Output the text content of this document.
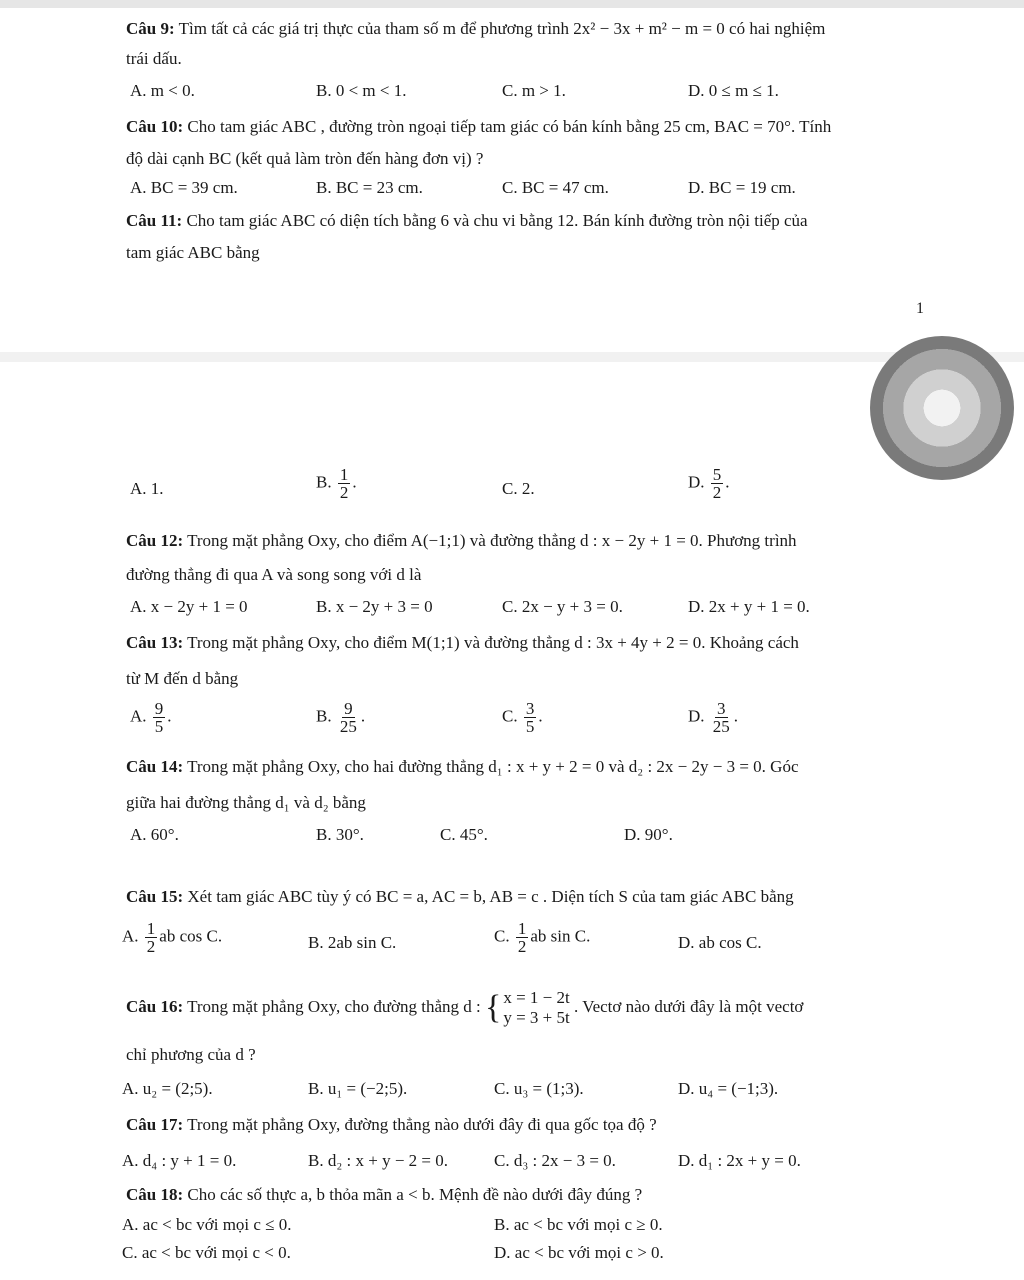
Câu 9: Tìm tất cả các giá trị thực của tham số m để phương trình 2x² − 3x + m² − m = 0 có hai nghiệm
trái dấu.
A. m < 0.	B. 0 < m < 1.	C. m > 1.	D. 0 ≤ m ≤ 1.
Câu 10: Cho tam giác ABC , đường tròn ngoại tiếp tam giác có bán kính bằng 25 cm, BAC = 70°. Tính
độ dài cạnh BC (kết quả làm tròn đến hàng đơn vị) ?
A. BC = 39 cm.	B. BC = 23 cm.	C. BC = 47 cm.	D. BC = 19 cm.
Câu 11: Cho tam giác ABC có diện tích bằng 6 và chu vi bằng 12. Bán kính đường tròn nội tiếp của
tam giác ABC bằng
1
A. 1.	B. $\frac{1}{2}$ .	C. 2.	D. $\frac{5}{2}$ .
Câu 12: Trong mặt phẳng Oxy, cho điểm A(−1;1) và đường thẳng d : x − 2y + 1 = 0. Phương trình
đường thẳng đi qua A và song song với d là
A. x − 2y + 1 = 0	B. x − 2y + 3 = 0	C. 2x − y + 3 = 0.	D. 2x + y + 1 = 0.
Câu 13: Trong mặt phẳng Oxy, cho điểm M(1;1) và đường thẳng d : 3x + 4y + 2 = 0. Khoảng cách
từ M đến d bằng
A. $\frac{9}{5}$ .	B. $\frac{9}{25}$ .	C. $\frac{3}{5}$ .	D. $\frac{3}{25}$ .
Câu 14: Trong mặt phẳng Oxy, cho hai đường thẳng d₁ : x + y + 2 = 0 và d₂ : 2x − 2y − 3 = 0. Góc
giữa hai đường thẳng d₁ và d₂ bằng
A. 60°.	B. 30°.	C. 45°.	D. 90°.
Câu 15: Xét tam giác ABC tùy ý có BC = a, AC = b, AB = c . Diện tích S của tam giác ABC bằng
A. $\frac{1}{2}$ ab cos C.	B. 2ab sin C.	C. $\frac{1}{2}$ ab sin C.	D. ab cos C.
Câu 16: Trong mặt phẳng Oxy, cho đường thẳng d : { x = 1 − 2t
y = 3 + 5t
. Vectơ nào dưới đây là một vectơ
chỉ phương của d ?
A. u₂ = (2;5).	B. u₁ = (−2;5).	C. u₃ = (1;3).	D. u₄ = (−1;3).
Câu 17: Trong mặt phẳng Oxy, đường thẳng nào dưới đây đi qua gốc tọa độ ?
A. d₄ : y + 1 = 0.	B. d₂ : x + y − 2 = 0.	C. d₃ : 2x − 3 = 0.	D. d₁ : 2x + y = 0.
Câu 18: Cho các số thực a, b thỏa mãn a < b. Mệnh đề nào dưới đây đúng ?
A. ac < bc với mọi c ≤ 0.	B. ac < bc với mọi c ≥ 0.
C. ac < bc với mọi c < 0.	D. ac < bc với mọi c > 0.
